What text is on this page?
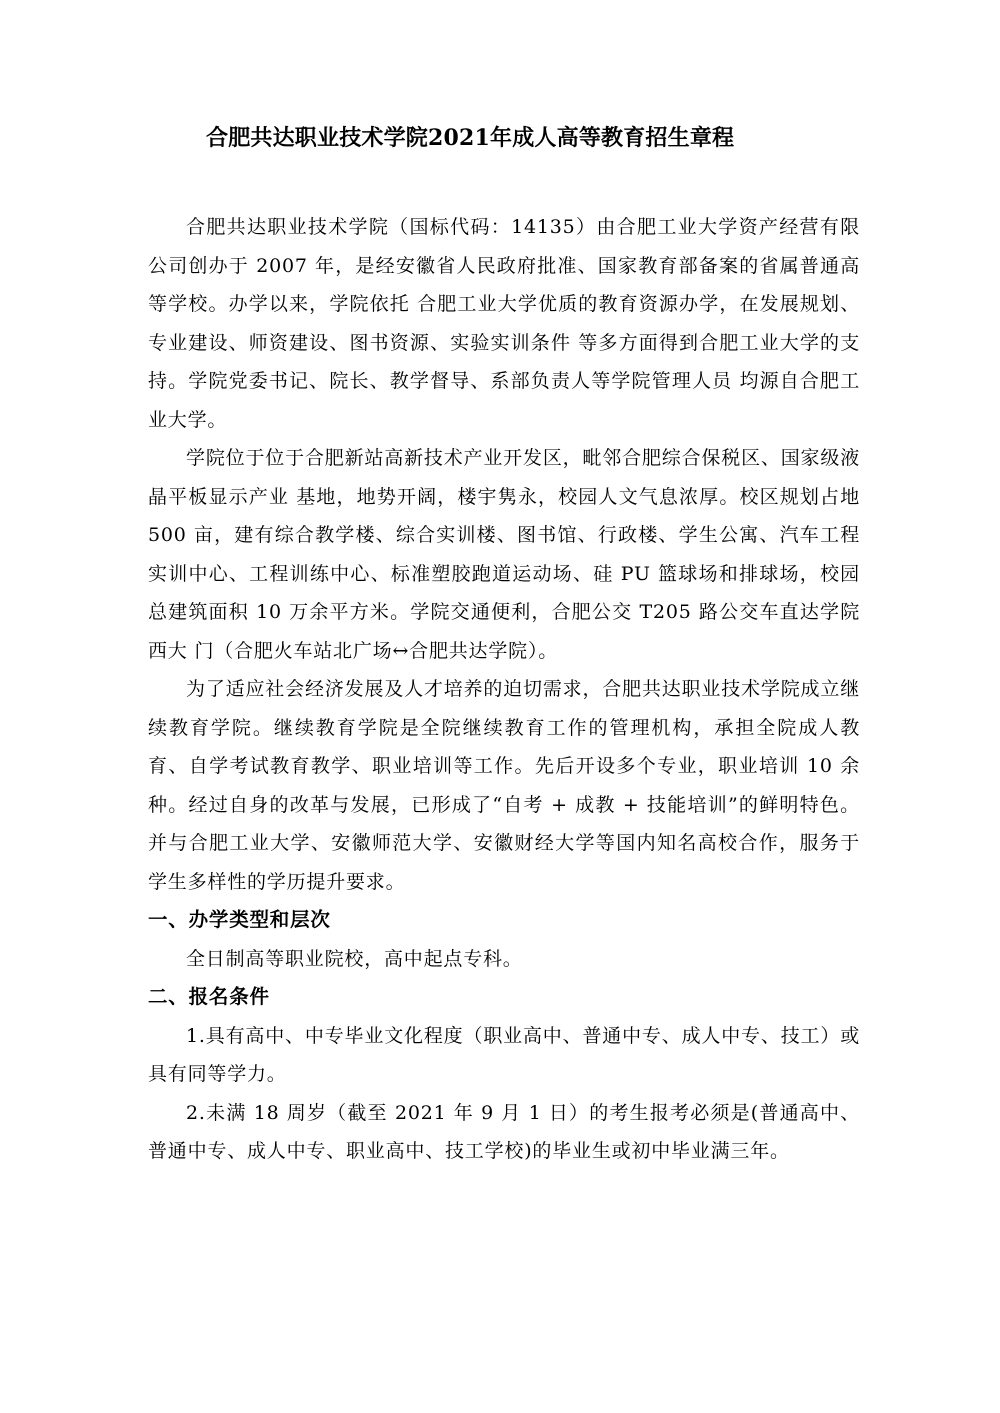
合肥共达职业技术学院2021年成人高等教育招生章程

合肥共达职业技术学院（国标代码：14135）由合肥工业大学资产经营有限公司创办于 2007 年，是经安徽省人民政府批准、国家教育部备案的省属普通高等学校。办学以来，学院依托 合肥工业大学优质的教育资源办学，在发展规划、专业建设、师资建设、图书资源、实验实训条件 等多方面得到合肥工业大学的支持。学院党委书记、院长、教学督导、系部负责人等学院管理人员 均源自合肥工业大学。

学院位于位于合肥新站高新技术产业开发区，毗邻合肥综合保税区、国家级液晶平板显示产业 基地，地势开阔，楼宇隽永，校园人文气息浓厚。校区规划占地 500 亩，建有综合教学楼、综合实训楼、图书馆、行政楼、学生公寓、汽车工程实训中心、工程训练中心、标准塑胶跑道运动场、硅 PU 篮球场和排球场，校园总建筑面积 10 万余平方米。学院交通便利，合肥公交 T205 路公交车直达学院西大 门（合肥火车站北广场↔合肥共达学院）。

为了适应社会经济发展及人才培养的迫切需求，合肥共达职业技术学院成立继续教育学院。继续教育学院是全院继续教育工作的管理机构，承担全院成人教育、自学考试教育教学、职业培训等工作。先后开设多个专业，职业培训 10 余种。经过自身的改革与发展，已形成了“自考 + 成教 + 技能培训”的鲜明特色。并与合肥工业大学、安徽师范大学、安徽财经大学等国内知名高校合作，服务于学生多样性的学历提升要求。

一、办学类型和层次

全日制高等职业院校，高中起点专科。

二、报名条件

1.具有高中、中专毕业文化程度（职业高中、普通中专、成人中专、技工）或具有同等学力。

2.未满 18 周岁（截至 2021 年 9 月 1 日）的考生报考必须是(普通高中、普通中专、成人中专、职业高中、技工学校)的毕业生或初中毕业满三年。
